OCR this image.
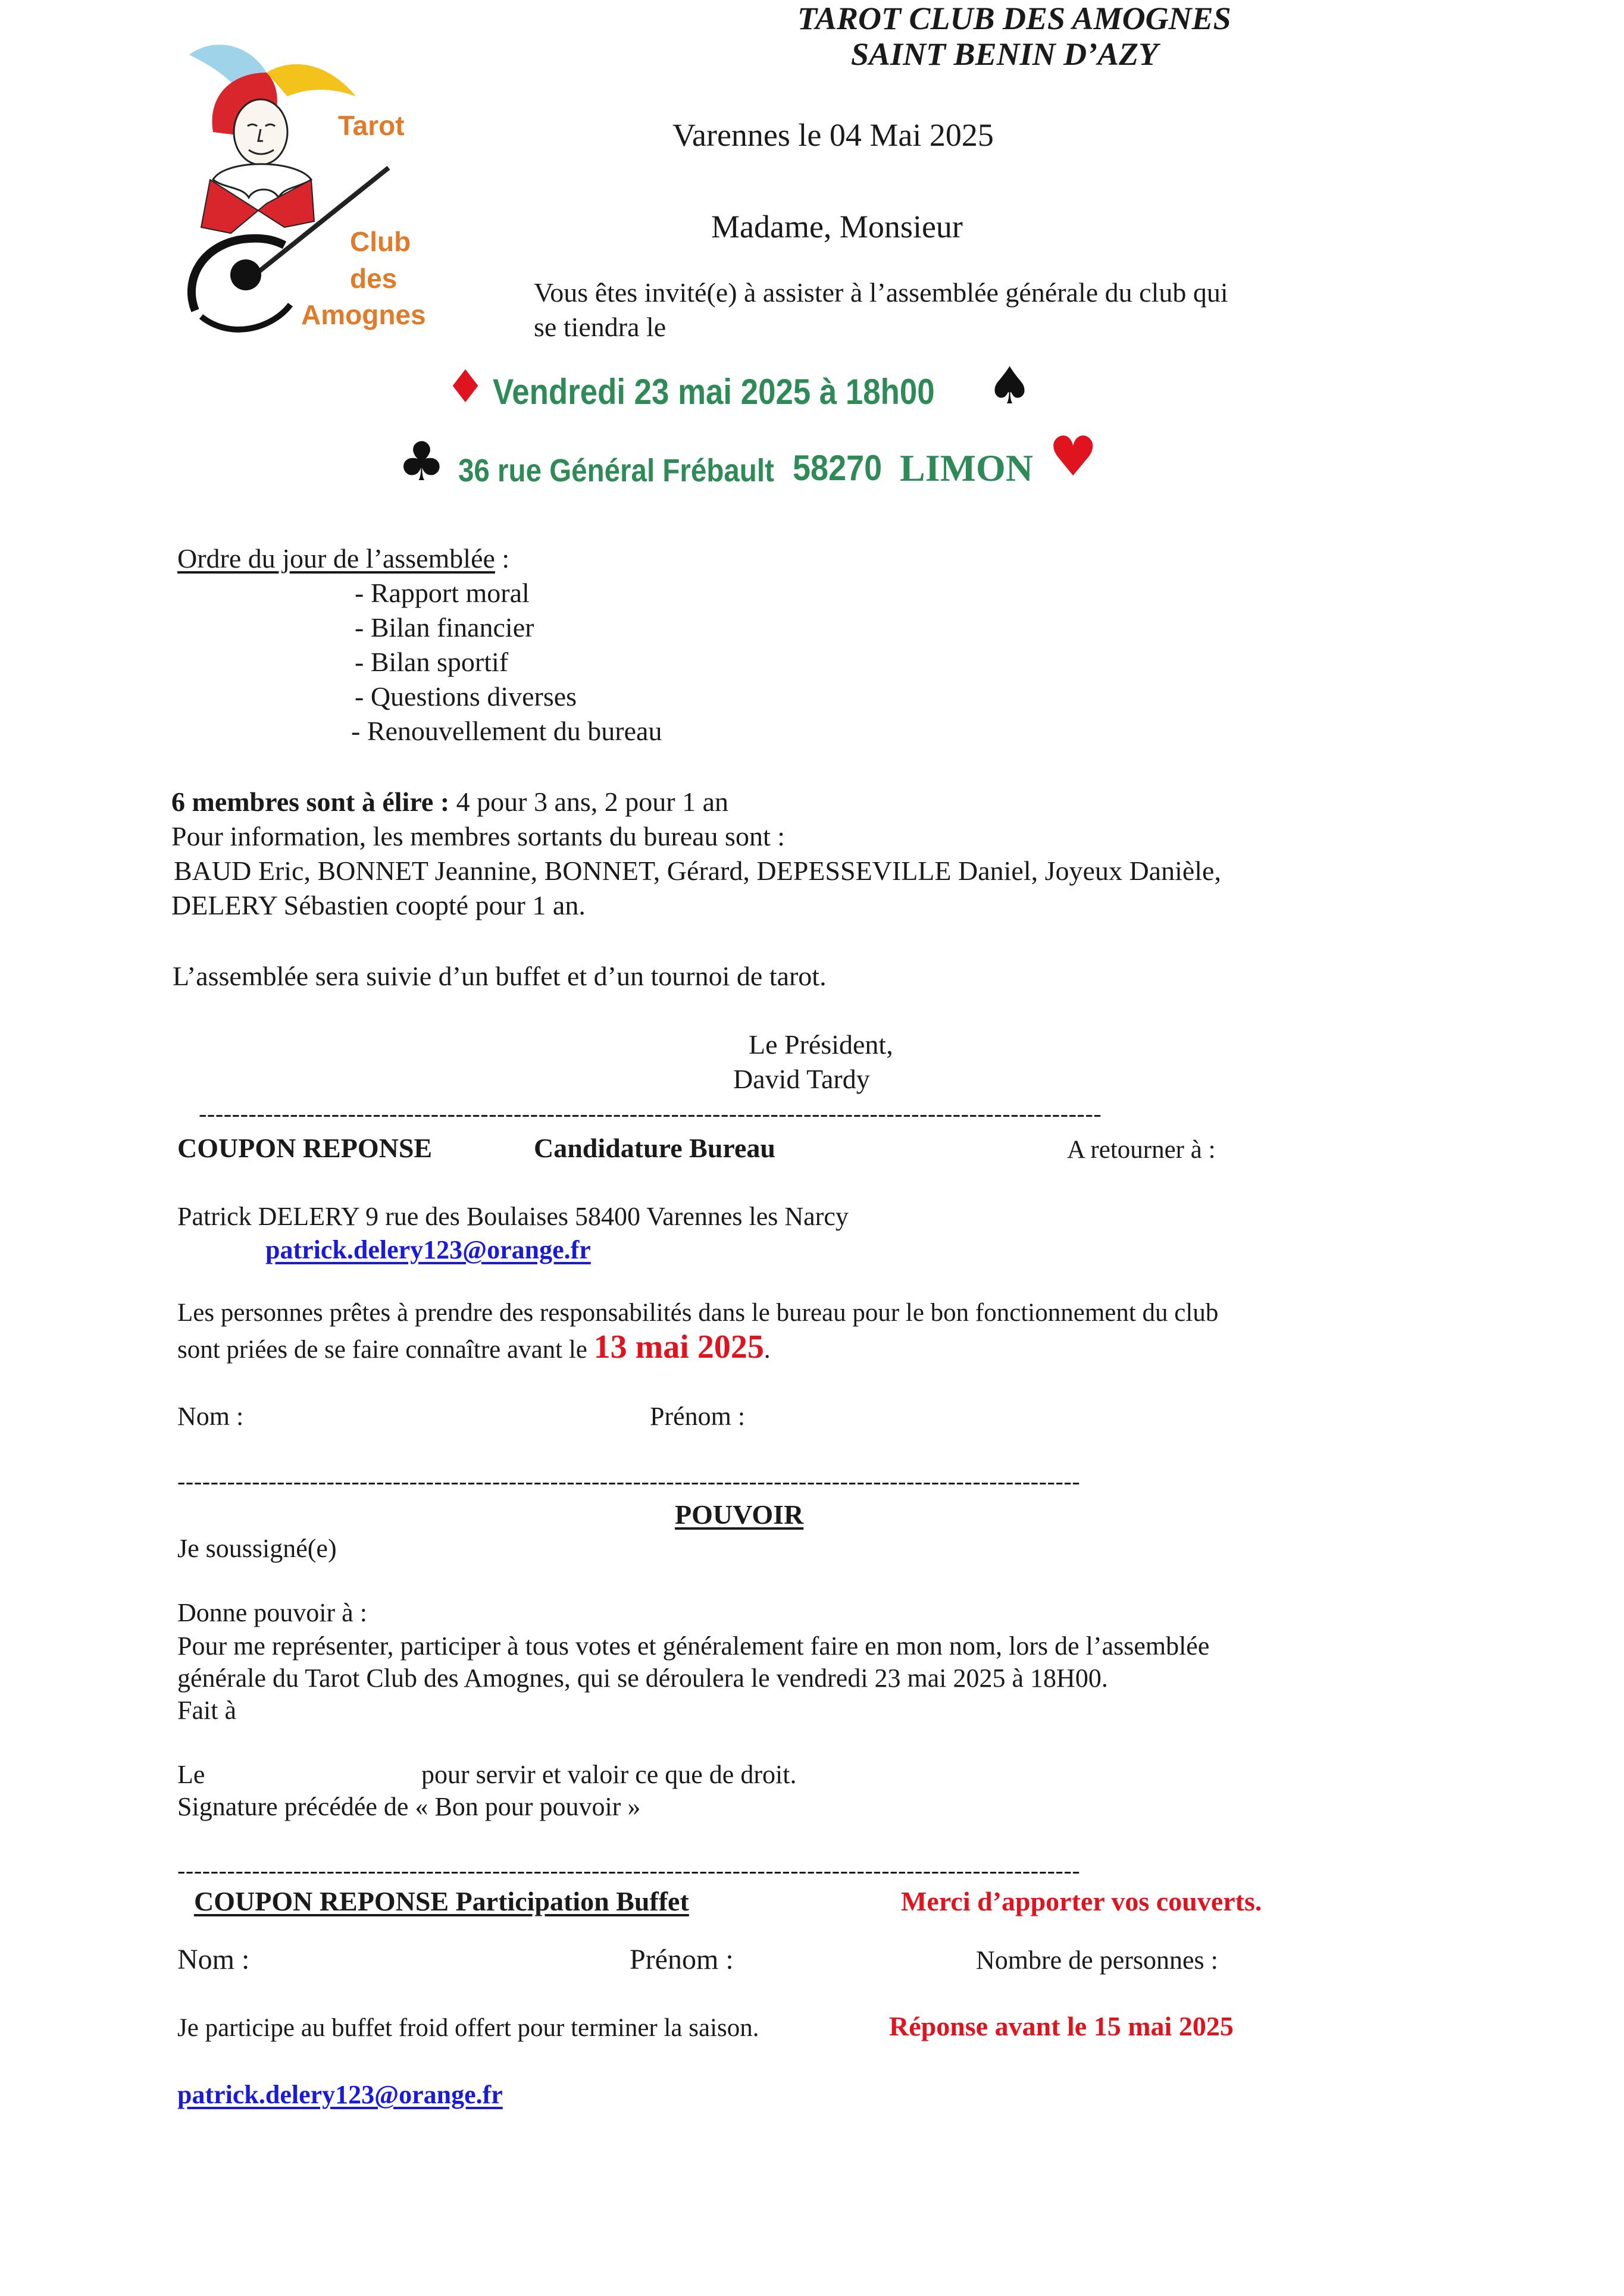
Tarot
Club
des
Amognes
TAROT CLUB DES AMOGNES
SAINT BENIN D’AZY
Varennes le 04 Mai 2025
Madame, Monsieur
Vous êtes invité(e) à assister à l’assemblée générale du club qui
se tiendra le
♦ Vendredi 23 mai 2025 à 18h00 ♠
♣ 36 rue Général Frébault 58270 LIMON ♥
Ordre du jour de l’assemblée :
- Rapport moral
- Bilan financier
- Bilan sportif
- Questions diverses
- Renouvellement du bureau
6 membres sont à élire : 4 pour 3 ans, 2 pour 1 an
Pour information, les membres sortants du bureau sont :
BAUD Eric, BONNET Jeannine, BONNET, Gérard, DEPESSEVILLE Daniel, Joyeux Danièle,
DELERY Sébastien coopté pour 1 an.
L’assemblée sera suivie d’un buffet et d’un tournoi de tarot.
Le Président,
David Tardy
-------------------------------------------------------------------------------------------------------------
COUPON REPONSE	Candidature Bureau	A retourner à :
Patrick DELERY 9 rue des Boulaises 58400 Varennes les Narcy
patrick.delery123@orange.fr
Les personnes prêtes à prendre des responsabilités dans le bureau pour le bon fonctionnement du club
sont priées de se faire connaître avant le 13 mai 2025.
Nom :	Prénom :
-------------------------------------------------------------------------------------------------------------
POUVOIR
Je soussigné(e)
Donne pouvoir à :
Pour me représenter, participer à tous votes et généralement faire en mon nom, lors de l’assemblée
générale du Tarot Club des Amognes, qui se déroulera le vendredi 23 mai 2025 à 18H00.
Fait à
Le	pour servir et valoir ce que de droit.
Signature précédée de « Bon pour pouvoir »
-------------------------------------------------------------------------------------------------------------
COUPON REPONSE Participation Buffet	Merci d’apporter vos couverts.
Nom :	Prénom :	Nombre de personnes :
Je participe au buffet froid offert pour terminer la saison.	Réponse avant le 15 mai 2025
patrick.delery123@orange.fr
